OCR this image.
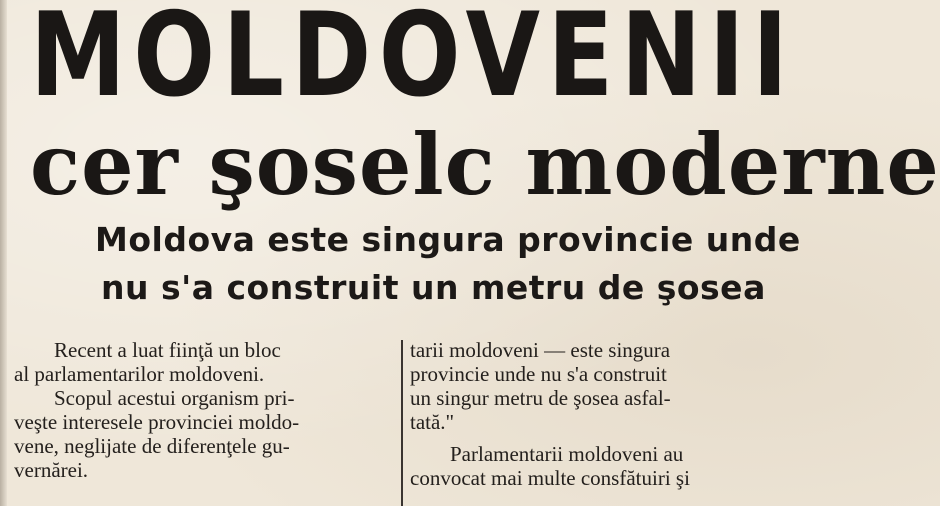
MOLDOVENII
cer şoselc moderne
Moldova este singura provincie unde
nu s'a construit un metru de şosea
Recent a luat fiinţă un bloc
al parlamentarilor moldoveni.
Scopul acestui organism pri-
veşte interesele provinciei moldo-
vene, neglijate de diferenţele gu-
vernărei.
tarii moldoveni — este singura
provincie unde nu s'a construit
un singur metru de şosea asfal-
tată."
Parlamentarii moldoveni au
convocat mai multe consfătuiri şi
